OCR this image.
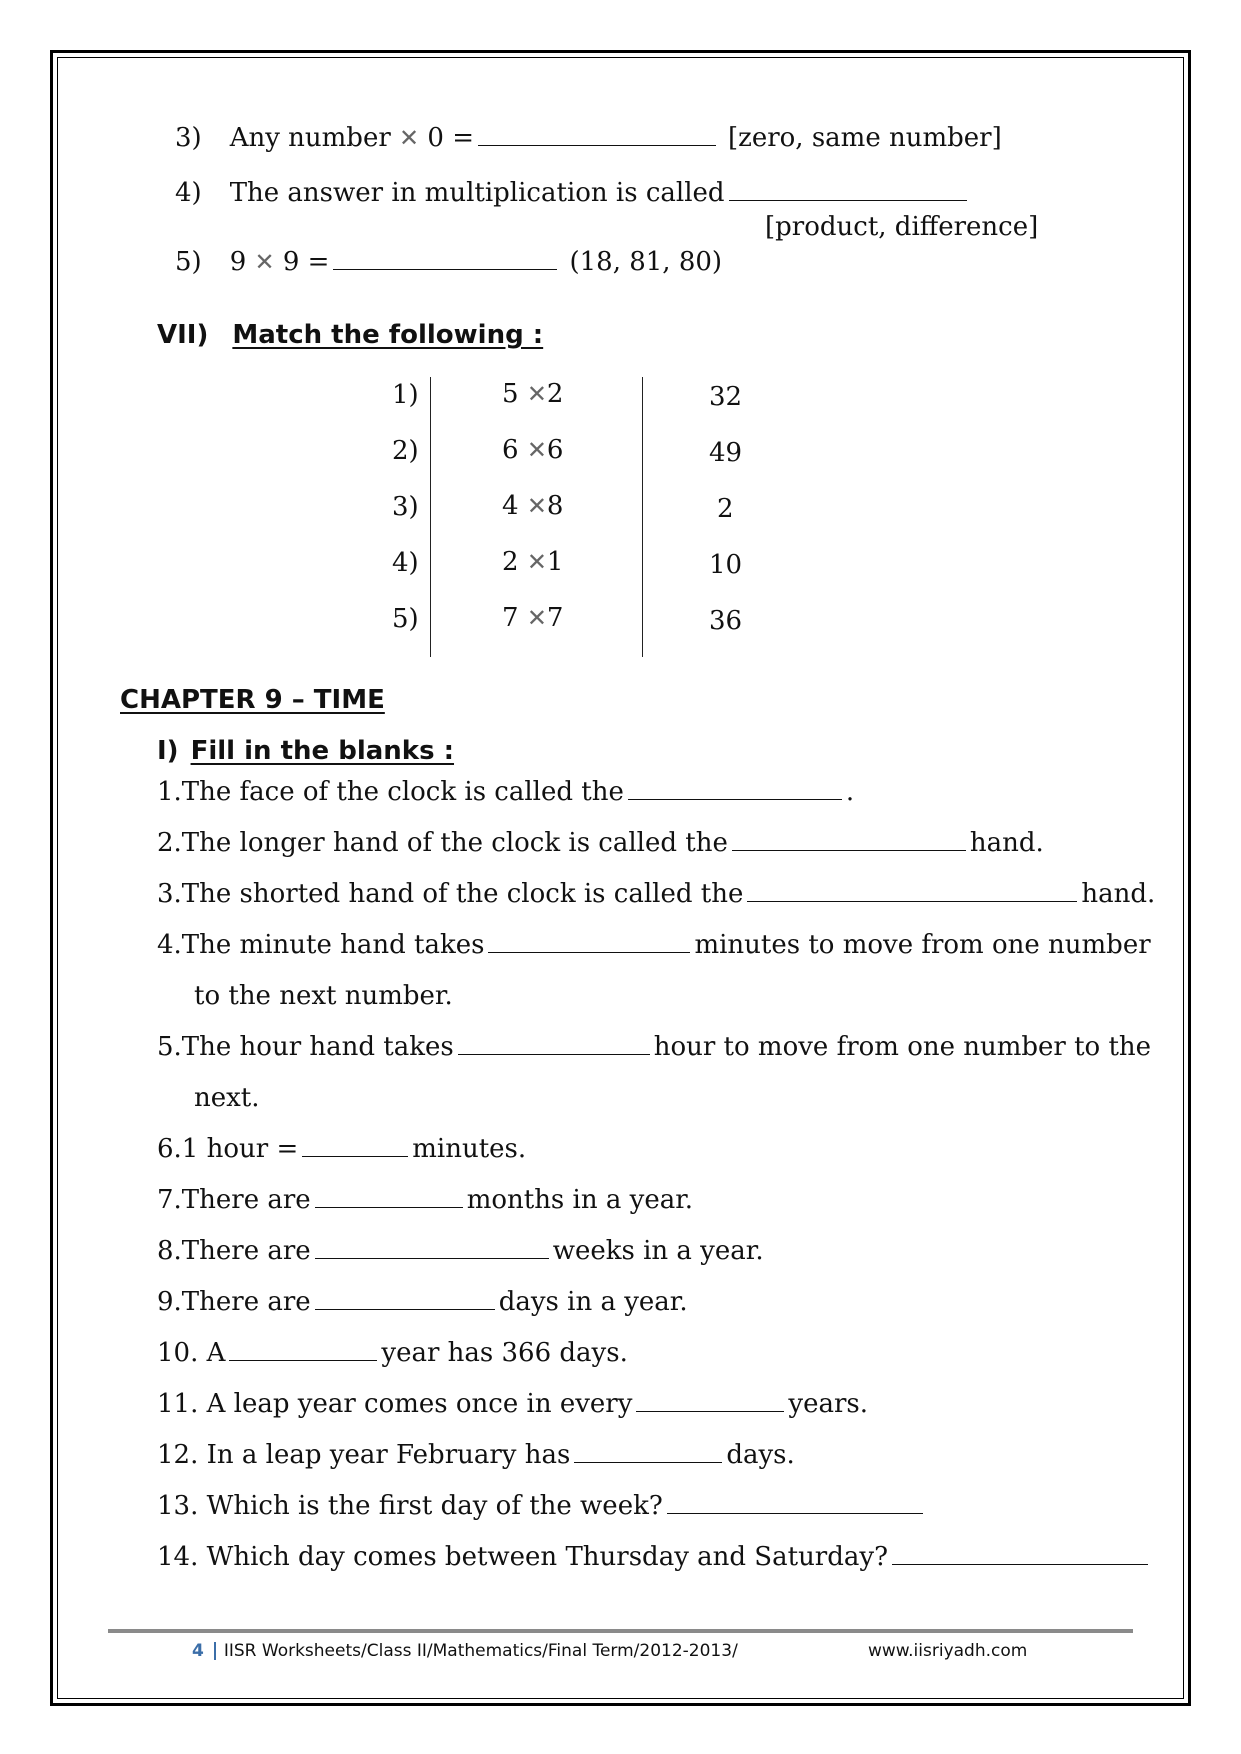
3) Any number ✕ 0 =	[zero, same number]
4) The answer in multiplication is called
[product, difference]
5) 9 ✕ 9 =	(18, 81, 80)
VII) Match the following :
1)	5 ✕2	32
2)	6 ✕6	49
3)	4 ✕8	2
4)	2 ✕1	10
5)	7 ✕7	36
CHAPTER 9 – TIME
I) Fill in the blanks :
1.The face of the clock is called the	.
2.The longer hand of the clock is called the	hand.
3.The shorted hand of the clock is called the	hand.
4.The minute hand takes	minutes to move from one number
to the next number.
5.The hour hand takes	hour to move from one number to the
next.
6.1 hour =	minutes.
7.There are	months in a year.
8.There are	weeks in a year.
9.There are	days in a year.
10. A	year has 366 days.
11. A leap year comes once in every	years.
12. In a leap year February has	days.
13. Which is the first day of the week?
14. Which day comes between Thursday and Saturday?
4 IISR Worksheets/Class II/Mathematics/Final Term/2012-2013/	www.iisriyadh.com
